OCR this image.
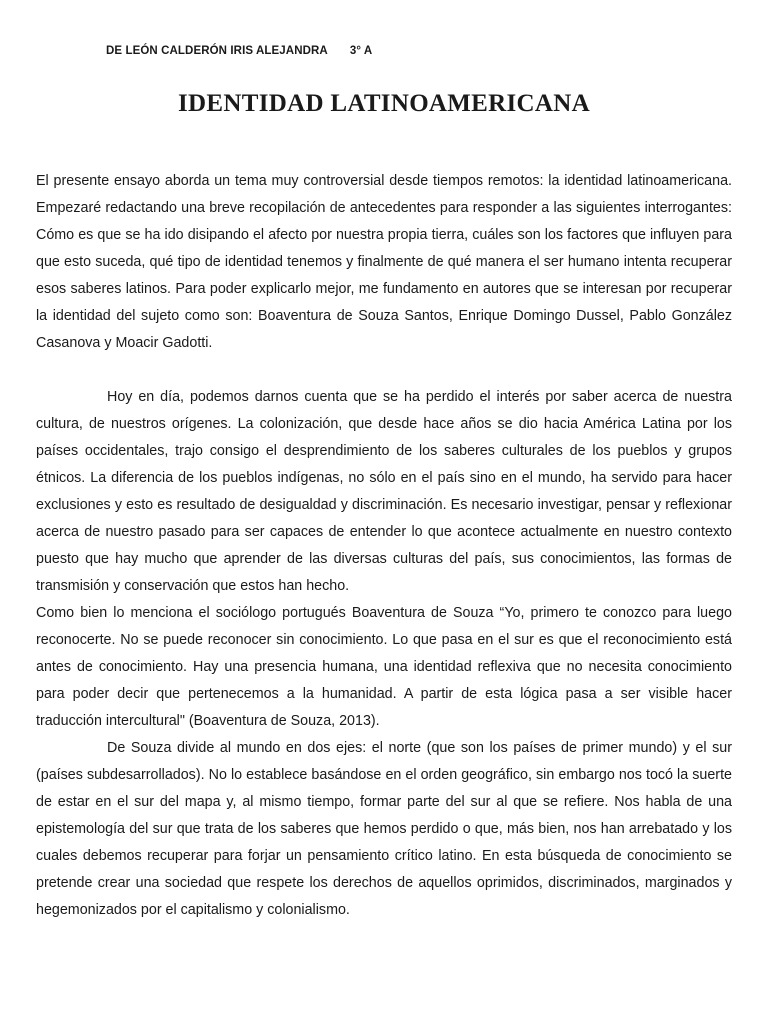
DE LEÓN CALDERÓN IRIS ALEJANDRA 3° A
IDENTIDAD LATINOAMERICANA

El presente ensayo aborda un tema muy controversial desde tiempos remotos: la identidad latinoamericana. Empezaré redactando una breve recopilación de antecedentes para responder a las siguientes interrogantes: Cómo es que se ha ido disipando el afecto por nuestra propia tierra, cuáles son los factores que influyen para que esto suceda, qué tipo de identidad tenemos y finalmente de qué manera el ser humano intenta recuperar esos saberes latinos. Para poder explicarlo mejor, me fundamento en autores que se interesan por recuperar la identidad del sujeto como son: Boaventura de Souza Santos, Enrique Domingo Dussel, Pablo González Casanova y Moacir Gadotti.

Hoy en día, podemos darnos cuenta que se ha perdido el interés por saber acerca de nuestra cultura, de nuestros orígenes. La colonización, que desde hace años se dio hacia América Latina por los países occidentales, trajo consigo el desprendimiento de los saberes culturales de los pueblos y grupos étnicos. La diferencia de los pueblos indígenas, no sólo en el país sino en el mundo, ha servido para hacer exclusiones y esto es resultado de desigualdad y discriminación. Es necesario investigar, pensar y reflexionar acerca de nuestro pasado para ser capaces de entender lo que acontece actualmente en nuestro contexto puesto que hay mucho que aprender de las diversas culturas del país, sus conocimientos, las formas de transmisión y conservación que estos han hecho.

Como bien lo menciona el sociólogo portugués Boaventura de Souza “Yo, primero te conozco para luego reconocerte. No se puede reconocer sin conocimiento. Lo que pasa en el sur es que el reconocimiento está antes de conocimiento. Hay una presencia humana, una identidad reflexiva que no necesita conocimiento para poder decir que pertenecemos a la humanidad. A partir de esta lógica pasa a ser visible hacer traducción intercultural" (Boaventura de Souza, 2013).

De Souza divide al mundo en dos ejes: el norte (que son los países de primer mundo) y el sur (países subdesarrollados). No lo establece basándose en el orden geográfico, sin embargo nos tocó la suerte de estar en el sur del mapa y, al mismo tiempo, formar parte del sur al que se refiere. Nos habla de una epistemología del sur que trata de los saberes que hemos perdido o que, más bien, nos han arrebatado y los cuales debemos recuperar para forjar un pensamiento crítico latino. En esta búsqueda de conocimiento se pretende crear una sociedad que respete los derechos de aquellos oprimidos, discriminados, marginados y hegemonizados por el capitalismo y colonialismo.
